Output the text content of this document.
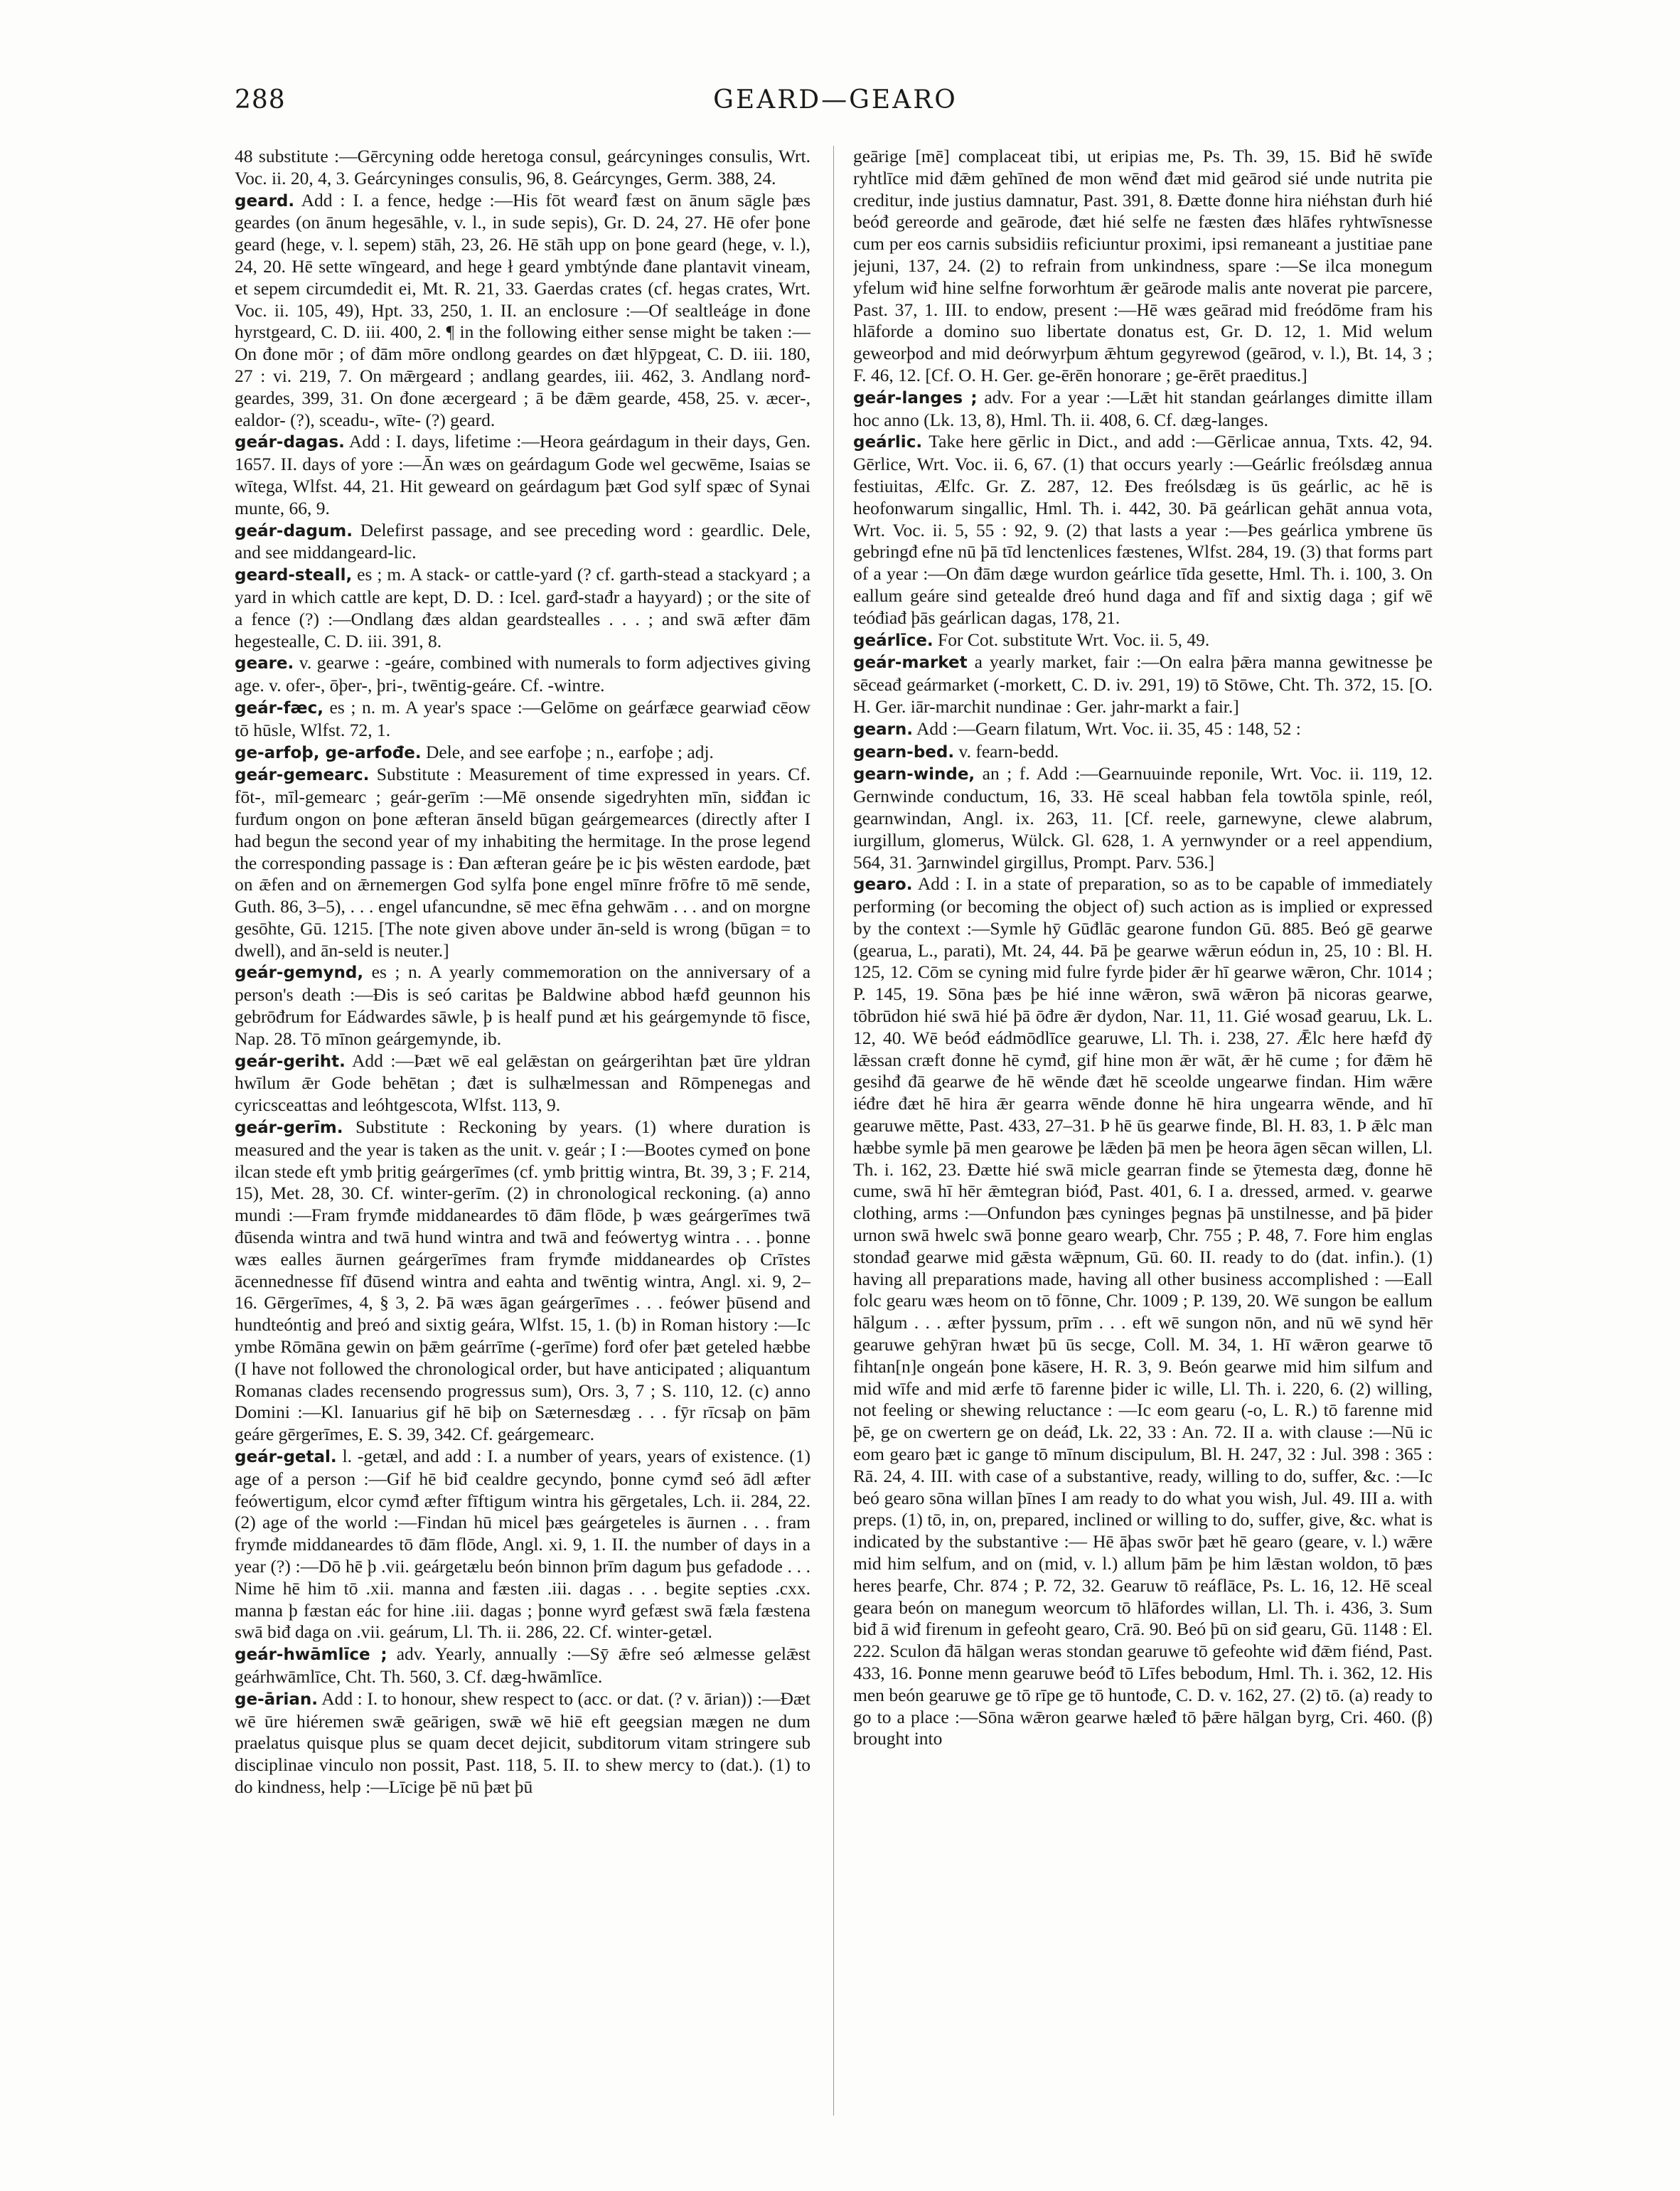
288	GEARD—GEARO

48 substitute :—Gērcyning odde heretoga consul, geárcyninges consulis, Wrt. Voc. ii. 20, 4, 3. Geárcyninges consulis, 96, 8. Geárcynges, Germ. 388, 24.

geard. Add : I. a fence, hedge :—His fōt wearđ fæst on ānum sāgle þæs geardes (on ānum hegesāhle, v. l., in sude sepis), Gr. D. 24, 27. Hē ofer þone geard (hege, v. l. sepem) stāh, 23, 26. Hē stāh upp on þone geard (hege, v. l.), 24, 20. Hē sette wīngeard, and hege ł geard ymbtýnde đane plantavit vineam, et sepem circumdedit ei, Mt. R. 21, 33. Gaerdas crates (cf. hegas crates, Wrt. Voc. ii. 105, 49), Hpt. 33, 250, 1. II. an enclosure :—Of sealtleáge in đone hyrstgeard, C. D. iii. 400, 2. ¶ in the following either sense might be taken :—On đone mōr ; of đām mōre ondlong geardes on đæt hlȳpgeat, C. D. iii. 180, 27 : vi. 219, 7. On mǣrgeard ; andlang geardes, iii. 462, 3. Andlang norđgeardes, 399, 31. On đone æcergeard ; ā be đǣm gearde, 458, 25. v. æcer-, ealdor- (?), sceadu-, wīte- (?) geard.

geár-dagas. Add : I. days, lifetime :—Heora geárdagum in their days, Gen. 1657. II. days of yore :—Ān wæs on geárdagum Gode wel gecwēme, Isaias se wītega, Wlfst. 44, 21. Hit geweard on geárdagum þæt God sylf spæc of Synai munte, 66, 9.

geár-dagum. Delefirst passage, and see preceding word : geardlic. Dele, and see middangeard-lic.

geard-steall, es ; m. A stack- or cattle-yard (? cf. garth-stead a stackyard ; a yard in which cattle are kept, D. D. : Icel. garđ-stađr a hayyard) ; or the site of a fence (?) :—Ondlang đæs aldan geardstealles . . . ; and swā æfter đām hegestealle, C. D. iii. 391, 8.

geare. v. gearwe : -geáre, combined with numerals to form adjectives giving age. v. ofer-, ōþer-, þri-, twēntig-geáre. Cf. -wintre.

geár-fæc, es ; n. m. A year's space :—Gelōme on geárfæce gearwiađ cēow tō hūsle, Wlfst. 72, 1.

ge-arfoþ, ge-arfođe. Dele, and see earfoþe ; n., earfoþe ; adj.

geár-gemearc. Substitute : Measurement of time expressed in years. Cf. fōt-, mīl-gemearc ; geár-gerīm :—Mē onsende sigedryhten mīn, siđđan ic furđum ongon on þone æfteran ānseld būgan geárgemearces (directly after I had begun the second year of my inhabiting the hermitage. In the prose legend the corresponding passage is : Đan æfteran geáre þe ic þis wēsten eardode, þæt on ǣfen and on ǣrnemergen God sylfa þone engel mīnre frōfre tō mē sende, Guth. 86, 3–5), . . . engel ufancundne, sē mec ēfna gehwām . . . and on morgne gesōhte, Gū. 1215. [The note given above under ān-seld is wrong (būgan = to dwell), and ān-seld is neuter.]

geár-gemynd, es ; n. A yearly commemoration on the anniversary of a person's death :—Đis is seó caritas þe Baldwine abbod hæfđ geunnon his gebrōđrum for Eádwardes sāwle, þ is healf pund æt his geárgemynde tō fisce, Nap. 28. Tō mīnon geárgemynde, ib.

geár-geriht. Add :—Þæt wē eal gelǣstan on geárgerihtan þæt ūre yldran hwīlum ǣr Gode behētan ; đæt is sulhælmessan and Rōmpenegas and cyricsceattas and leóhtgescota, Wlfst. 113, 9.

geár-gerīm. Substitute : Reckoning by years. (1) where duration is measured and the year is taken as the unit. v. geár ; I :—Bootes cymeđ on þone ilcan stede eft ymb þritig geárgerīmes (cf. ymb þrittig wintra, Bt. 39, 3 ; F. 214, 15), Met. 28, 30. Cf. winter-gerīm. (2) in chronological reckoning. (a) anno mundi :—Fram frymđe middaneardes tō đām flōde, þ wæs geárgerīmes twā đūsenda wintra and twā hund wintra and twā and feówertyg wintra . . . þonne wæs ealles āurnen geárgerīmes fram frymđe middaneardes oþ Crīstes ācennednesse fīf đūsend wintra and eahta and twēntig wintra, Angl. xi. 9, 2–16. Gērgerīmes, 4, § 3, 2. Þā wæs āgan geárgerīmes . . . feówer þūsend and hundteóntig and þreó and sixtig geára, Wlfst. 15, 1. (b) in Roman history :—Ic ymbe Rōmāna gewin on þǣm geárrīme (-gerīme) forđ ofer þæt geteled hæbbe (I have not followed the chronological order, but have anticipated ; aliquantum Romanas clades recensendo progressus sum), Ors. 3, 7 ; S. 110, 12. (c) anno Domini :—Kl. Ianuarius gif hē biþ on Sæternesdæg . . . fȳr rīcsaþ on þām geáre gērgerīmes, E. S. 39, 342. Cf. geárgemearc.

geár-getal. l. -getæl, and add : I. a number of years, years of existence. (1) age of a person :—Gif hē biđ cealdre gecyndo, þonne cymđ seó ādl æfter feówertigum, elcor cymđ æfter fīftigum wintra his gērgetales, Lch. ii. 284, 22. (2) age of the world :—Findan hū micel þæs geárgeteles is āurnen . . . fram frymđe middaneardes tō đām flōde, Angl. xi. 9, 1. II. the number of days in a year (?) :—Dō hē þ .vii. geárgetælu beón binnon þrīm dagum þus gefadode . . . Nime hē him tō .xii. manna and fæsten .iii. dagas . . . begite septies .cxx. manna þ fæstan eác for hine .iii. dagas ; þonne wyrđ gefæst swā fæla fæstena swā biđ daga on .vii. geárum, Ll. Th. ii. 286, 22. Cf. winter-getæl.

geár-hwāmlīce ; adv. Yearly, annually :—Sȳ ǣfre seó ælmesse gelǣst geárhwāmlīce, Cht. Th. 560, 3. Cf. dæg-hwāmlīce.

ge-ārian. Add : I. to honour, shew respect to (acc. or dat. (? v. ārian)) :—Đæt wē ūre hiéremen swǣ geārigen, swǣ wē hiē eft geegsian mægen ne dum praelatus quisque plus se quam decet dejicit, subditorum vitam stringere sub disciplinae vinculo non possit, Past. 118, 5. II. to shew mercy to (dat.). (1) to do kindness, help :—Līcige þē nū þæt þū

geārige [mē] complaceat tibi, ut eripias me, Ps. Th. 39, 15. Biđ hē swīđe ryhtlīce mid đǣm gehīned đe mon wēnđ đæt mid geārod sié unde nutrita pie creditur, inde justius damnatur, Past. 391, 8. Đætte đonne hira niéhstan đurh hié beóđ gereorde and geārode, đæt hié selfe ne fæsten đæs hlāfes ryhtwīsnesse cum per eos carnis subsidiis reficiuntur proximi, ipsi remaneant a justitiae pane jejuni, 137, 24. (2) to refrain from unkindness, spare :—Se ilca monegum yfelum wiđ hine selfne forworhtum ǣr geārode malis ante noverat pie parcere, Past. 37, 1. III. to endow, present :—Hē wæs geārad mid freódōme fram his hlāforde a domino suo libertate donatus est, Gr. D. 12, 1. Mid welum geweorþod and mid deórwyrþum ǣhtum gegyrewod (geārod, v. l.), Bt. 14, 3 ; F. 46, 12. [Cf. O. H. Ger. ge-ērēn honorare ; ge-ērēt praeditus.]

geár-langes ; adv. For a year :—Lǣt hit standan geárlanges dimitte illam hoc anno (Lk. 13, 8), Hml. Th. ii. 408, 6. Cf. dæg-langes.

geárlic. Take here gērlic in Dict., and add :—Gērlicae annua, Txts. 42, 94. Gērlice, Wrt. Voc. ii. 6, 67. (1) that occurs yearly :—Geárlic freólsdæg annua festiuitas, Ælfc. Gr. Z. 287, 12. Đes freólsdæg is ūs geárlic, ac hē is heofonwarum singallic, Hml. Th. i. 442, 30. Þā geárlican gehāt annua vota, Wrt. Voc. ii. 5, 55 : 92, 9. (2) that lasts a year :—Þes geárlica ymbrene ūs gebringđ efne nū þā tīd lenctenlices fæstenes, Wlfst. 284, 19. (3) that forms part of a year :—On đām dæge wurdon geárlice tīda gesette, Hml. Th. i. 100, 3. On eallum geáre sind getealde đreó hund daga and fīf and sixtig daga ; gif wē teóđiađ þās geárlican dagas, 178, 21.

geárlīce. For Cot. substitute Wrt. Voc. ii. 5, 49.

geár-market a yearly market, fair :—On ealra þǣra manna gewitnesse þe sēceađ geármarket (-morkett, C. D. iv. 291, 19) tō Stōwe, Cht. Th. 372, 15. [O. H. Ger. iār-marchit nundinae : Ger. jahr-markt a fair.]

gearn. Add :—Gearn filatum, Wrt. Voc. ii. 35, 45 : 148, 52 :

gearn-bed. v. fearn-bedd.

gearn-winde, an ; f. Add :—Gearnuuinde reponile, Wrt. Voc. ii. 119, 12. Gernwinde conductum, 16, 33. Hē sceal habban fela towtōla spinle, reól, gearnwindan, Angl. ix. 263, 11. [Cf. reele, garnewyne, clewe alabrum, iurgillum, glomerus, Wülck. Gl. 628, 1. A yernwynder or a reel appendium, 564, 31. Ȝarnwindel girgillus, Prompt. Parv. 536.]

gearo. Add : I. in a state of preparation, so as to be capable of immediately performing (or becoming the object of) such action as is implied or expressed by the context :—Symle hȳ Gūđlāc gearone fundon Gū. 885. Beó gē gearwe (gearua, L., parati), Mt. 24, 44. Þā þe gearwe wǣrun eódun in, 25, 10 : Bl. H. 125, 12. Cōm se cyning mid fulre fyrde þider ǣr hī gearwe wǣron, Chr. 1014 ; P. 145, 19. Sōna þæs þe hié inne wǣron, swā wǣron þā nicoras gearwe, tōbrūdon hié swā hié þā ōđre ǣr dydon, Nar. 11, 11. Gié wosađ gearuu, Lk. L. 12, 40. Wē beóđ eádmōdlīce gearuwe, Ll. Th. i. 238, 27. Ǣlc here hæfđ đȳ lǣssan cræft đonne hē cymđ, gif hine mon ǣr wāt, ǣr hē cume ; for đǣm hē gesihđ đā gearwe đe hē wēnde đæt hē sceolde ungearwe findan. Him wǣre iéđre đæt hē hira ǣr gearra wēnde đonne hē hira ungearra wēnde, and hī gearuwe mētte, Past. 433, 27–31. Þ hē ūs gearwe finde, Bl. H. 83, 1. Þ ǣlc man hæbbe symle þā men gearowe þe lǣden þā men þe heora āgen sēcan willen, Ll. Th. i. 162, 23. Đætte hié swā micle gearran finde se ȳtemesta dæg, đonne hē cume, swā hī hēr ǣmtegran bióđ, Past. 401, 6. I a. dressed, armed. v. gearwe clothing, arms :—Onfundon þæs cyninges þegnas þā unstilnesse, and þā þider urnon swā hwelc swā þonne gearo wearþ, Chr. 755 ; P. 48, 7. Fore him englas stondađ gearwe mid gǣsta wǣpnum, Gū. 60. II. ready to do (dat. infin.). (1) having all preparations made, having all other business accomplished : —Eall folc gearu wæs heom on tō fōnne, Chr. 1009 ; P. 139, 20. Wē sungon be eallum hālgum . . . æfter þyssum, prīm . . . eft wē sungon nōn, and nū wē synd hēr gearuwe gehȳran hwæt þū ūs secge, Coll. M. 34, 1. Hī wǣron gearwe tō fihtan[n]e ongeán þone kāsere, H. R. 3, 9. Beón gearwe mid him silfum and mid wīfe and mid ærfe tō farenne þider ic wille, Ll. Th. i. 220, 6. (2) willing, not feeling or shewing reluctance : —Ic eom gearu (-o, L. R.) tō farenne mid þē, ge on cwertern ge on deáđ, Lk. 22, 33 : An. 72. II a. with clause :—Nū ic eom gearo þæt ic gange tō mīnum discipulum, Bl. H. 247, 32 : Jul. 398 : 365 : Rā. 24, 4. III. with case of a substantive, ready, willing to do, suffer, &c. :—Ic beó gearo sōna willan þīnes I am ready to do what you wish, Jul. 49. III a. with preps. (1) tō, in, on, prepared, inclined or willing to do, suffer, give, &c. what is indicated by the substantive :— Hē āþas swōr þæt hē gearo (geare, v. l.) wǣre mid him selfum, and on (mid, v. l.) allum þām þe him lǣstan woldon, tō þæs heres þearfe, Chr. 874 ; P. 72, 32. Gearuw tō reáflāce, Ps. L. 16, 12. Hē sceal geara beón on manegum weorcum tō hlāfordes willan, Ll. Th. i. 436, 3. Sum biđ ā wiđ firenum in gefeoht gearo, Crā. 90. Beó þū on siđ gearu, Gū. 1148 : El. 222. Sculon đā hālgan weras stondan gearuwe tō gefeohte wiđ đǣm fiénd, Past. 433, 16. Þonne menn gearuwe beóđ tō Līfes bebodum, Hml. Th. i. 362, 12. His men beón gearuwe ge tō rīpe ge tō huntođe, C. D. v. 162, 27. (2) tō. (a) ready to go to a place :—Sōna wǣron gearwe hæleđ tō þǣre hālgan byrg, Cri. 460. (β) brought into
